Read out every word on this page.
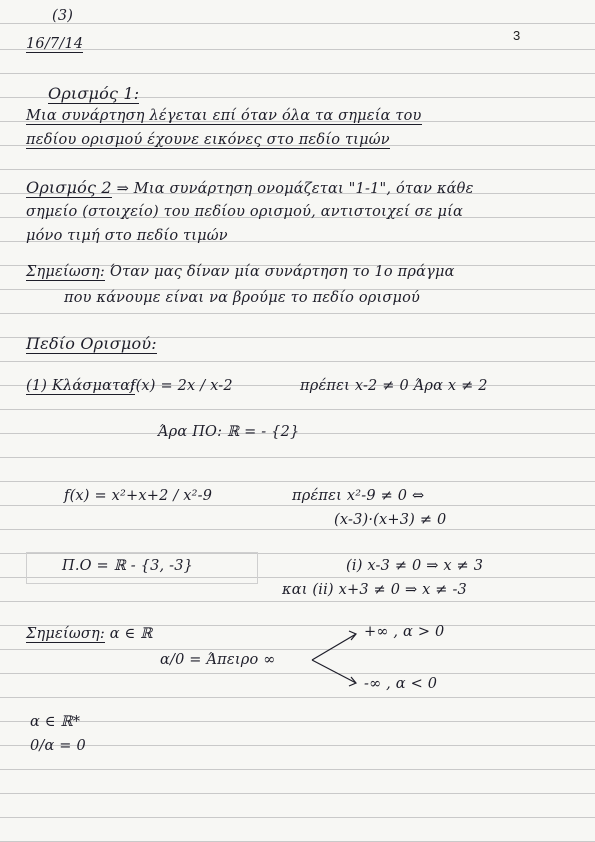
(3)
16/7/14
3
Ορισμός 1:
Μια συνάρτηση λέγεται επί όταν όλα τα σημεία του
πεδίου ορισμού έχουνε εικόνες στο πεδίο τιμών
Ορισμός 2 ⇒ Μια συνάρτηση ονομάζεται "1-1", όταν κάθε
σημείο (στοιχείο) του πεδίου ορισμού, αντιστοιχεί σε μία
μόνο τιμή στο πεδίο τιμών
Σημείωση: Όταν μας δίναν μία συνάρτηση το 1ο πράγμα
που κάνουμε είναι να βρούμε το πεδίο ορισμού
Πεδίο Ορισμού:
(1) Κλάσματα:
f(x) = 2x / x-2	πρέπει x-2 ≠ 0 Άρα x ≠ 2
Άρα ΠΟ: ℝ = - {2}
f(x) = x²+x+2 / x²-9	πρέπει x²-9 ≠ 0 ⇔
(x-3)·(x+3) ≠ 0
Π.Ο = ℝ - {3, -3}	(i) x-3 ≠ 0 ⇒ x ≠ 3
και (ii) x+3 ≠ 0 ⇒ x ≠ -3
Σημείωση: α ∈ ℝ
α/0 = Άπειρο ∞
+∞ , α > 0
-∞ , α < 0
α ∈ ℝ*
0/α = 0
